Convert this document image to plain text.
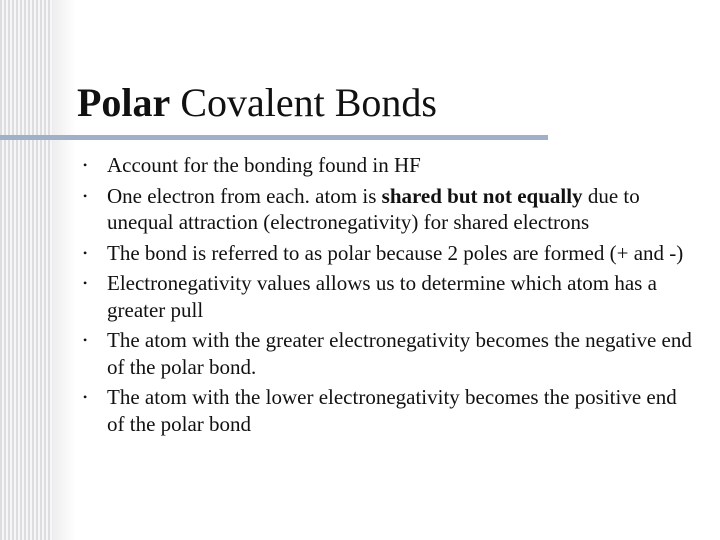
Polar Covalent Bonds
• Account for the bonding found in HF
• One electron from each. atom is shared but not equally due to unequal attraction (electronegativity) for shared electrons
• The bond is referred to as polar because 2 poles are formed (+ and -)
• Electronegativity values allows us to determine which atom has a greater pull
• The atom with the greater electronegativity becomes the negative end of the polar bond.
• The atom with the lower electronegativity becomes the positive end of the polar bond
